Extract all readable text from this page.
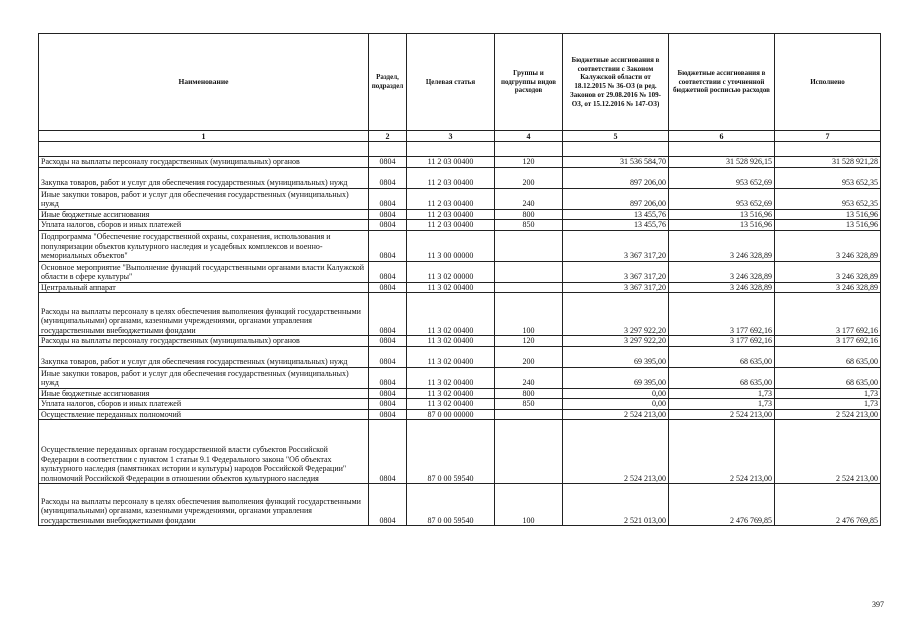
Наименование	Раздел, подраздел	Целевая статья	Группы и подгруппы видов расходов	Бюджетные ассигнования в соответствии с Законом Калужской области от 18.12.2015 № 36-ОЗ (в ред. Законов от 29.08.2016 № 109-ОЗ, от 15.12.2016 № 147-ОЗ)	Бюджетные ассигнования в соответствии с уточненной бюджетной росписью расходов	Исполнено
1	2	3	4	5	6	7

Расходы на выплаты персоналу государственных (муниципальных) органов	0804	11 2 03 00400	120	31 536 584,70	31 528 926,15	31 528 921,28
Закупка товаров, работ и услуг для обеспечения государственных (муниципальных) нужд	0804	11 2 03 00400	200	897 206,00	953 652,69	953 652,35
Иные закупки товаров, работ и услуг для обеспечения государственных (муниципальных) нужд	0804	11 2 03 00400	240	897 206,00	953 652,69	953 652,35
Иные бюджетные ассигнования	0804	11 2 03 00400	800	13 455,76	13 516,96	13 516,96
Уплата налогов, сборов и иных платежей	0804	11 2 03 00400	850	13 455,76	13 516,96	13 516,96
Подпрограмма "Обеспечение государственной охраны, сохранения, использования и популяризации объектов культурного наследия и усадебных комплексов и военно-мемориальных объектов"	0804	11 3 00 00000		3 367 317,20	3 246 328,89	3 246 328,89
Основное мероприятие "Выполнение функций государственными органами власти Калужской области в сфере культуры"	0804	11 3 02 00000		3 367 317,20	3 246 328,89	3 246 328,89
Центральный аппарат	0804	11 3 02 00400		3 367 317,20	3 246 328,89	3 246 328,89
Расходы на выплаты персоналу в целях обеспечения выполнения функций государственными (муниципальными) органами, казенными учреждениями, органами управления государственными внебюджетными фондами	0804	11 3 02 00400	100	3 297 922,20	3 177 692,16	3 177 692,16
Расходы на выплаты персоналу государственных (муниципальных) органов	0804	11 3 02 00400	120	3 297 922,20	3 177 692,16	3 177 692,16
Закупка товаров, работ и услуг для обеспечения государственных (муниципальных) нужд	0804	11 3 02 00400	200	69 395,00	68 635,00	68 635,00
Иные закупки товаров, работ и услуг для обеспечения государственных (муниципальных) нужд	0804	11 3 02 00400	240	69 395,00	68 635,00	68 635,00
Иные бюджетные ассигнования	0804	11 3 02 00400	800	0,00	1,73	1,73
Уплата налогов, сборов и иных платежей	0804	11 3 02 00400	850	0,00	1,73	1,73
Осуществление переданных полномочий	0804	87 0 00 00000		2 524 213,00	2 524 213,00	2 524 213,00
Осуществление переданных органам государственной власти субъектов Российской Федерации в соответствии с пунктом 1 статьи 9.1 Федерального закона "Об объектах культурного наследия (памятниках истории и культуры) народов Российской Федерации" полномочий Российской Федерации в отношении объектов культурного наследия	0804	87 0 00 59540		2 524 213,00	2 524 213,00	2 524 213,00
Расходы на выплаты персоналу в целях обеспечения выполнения функций государственными (муниципальными) органами, казенными учреждениями, органами управления государственными внебюджетными фондами	0804	87 0 00 59540	100	2 521 013,00	2 476 769,85	2 476 769,85
397
